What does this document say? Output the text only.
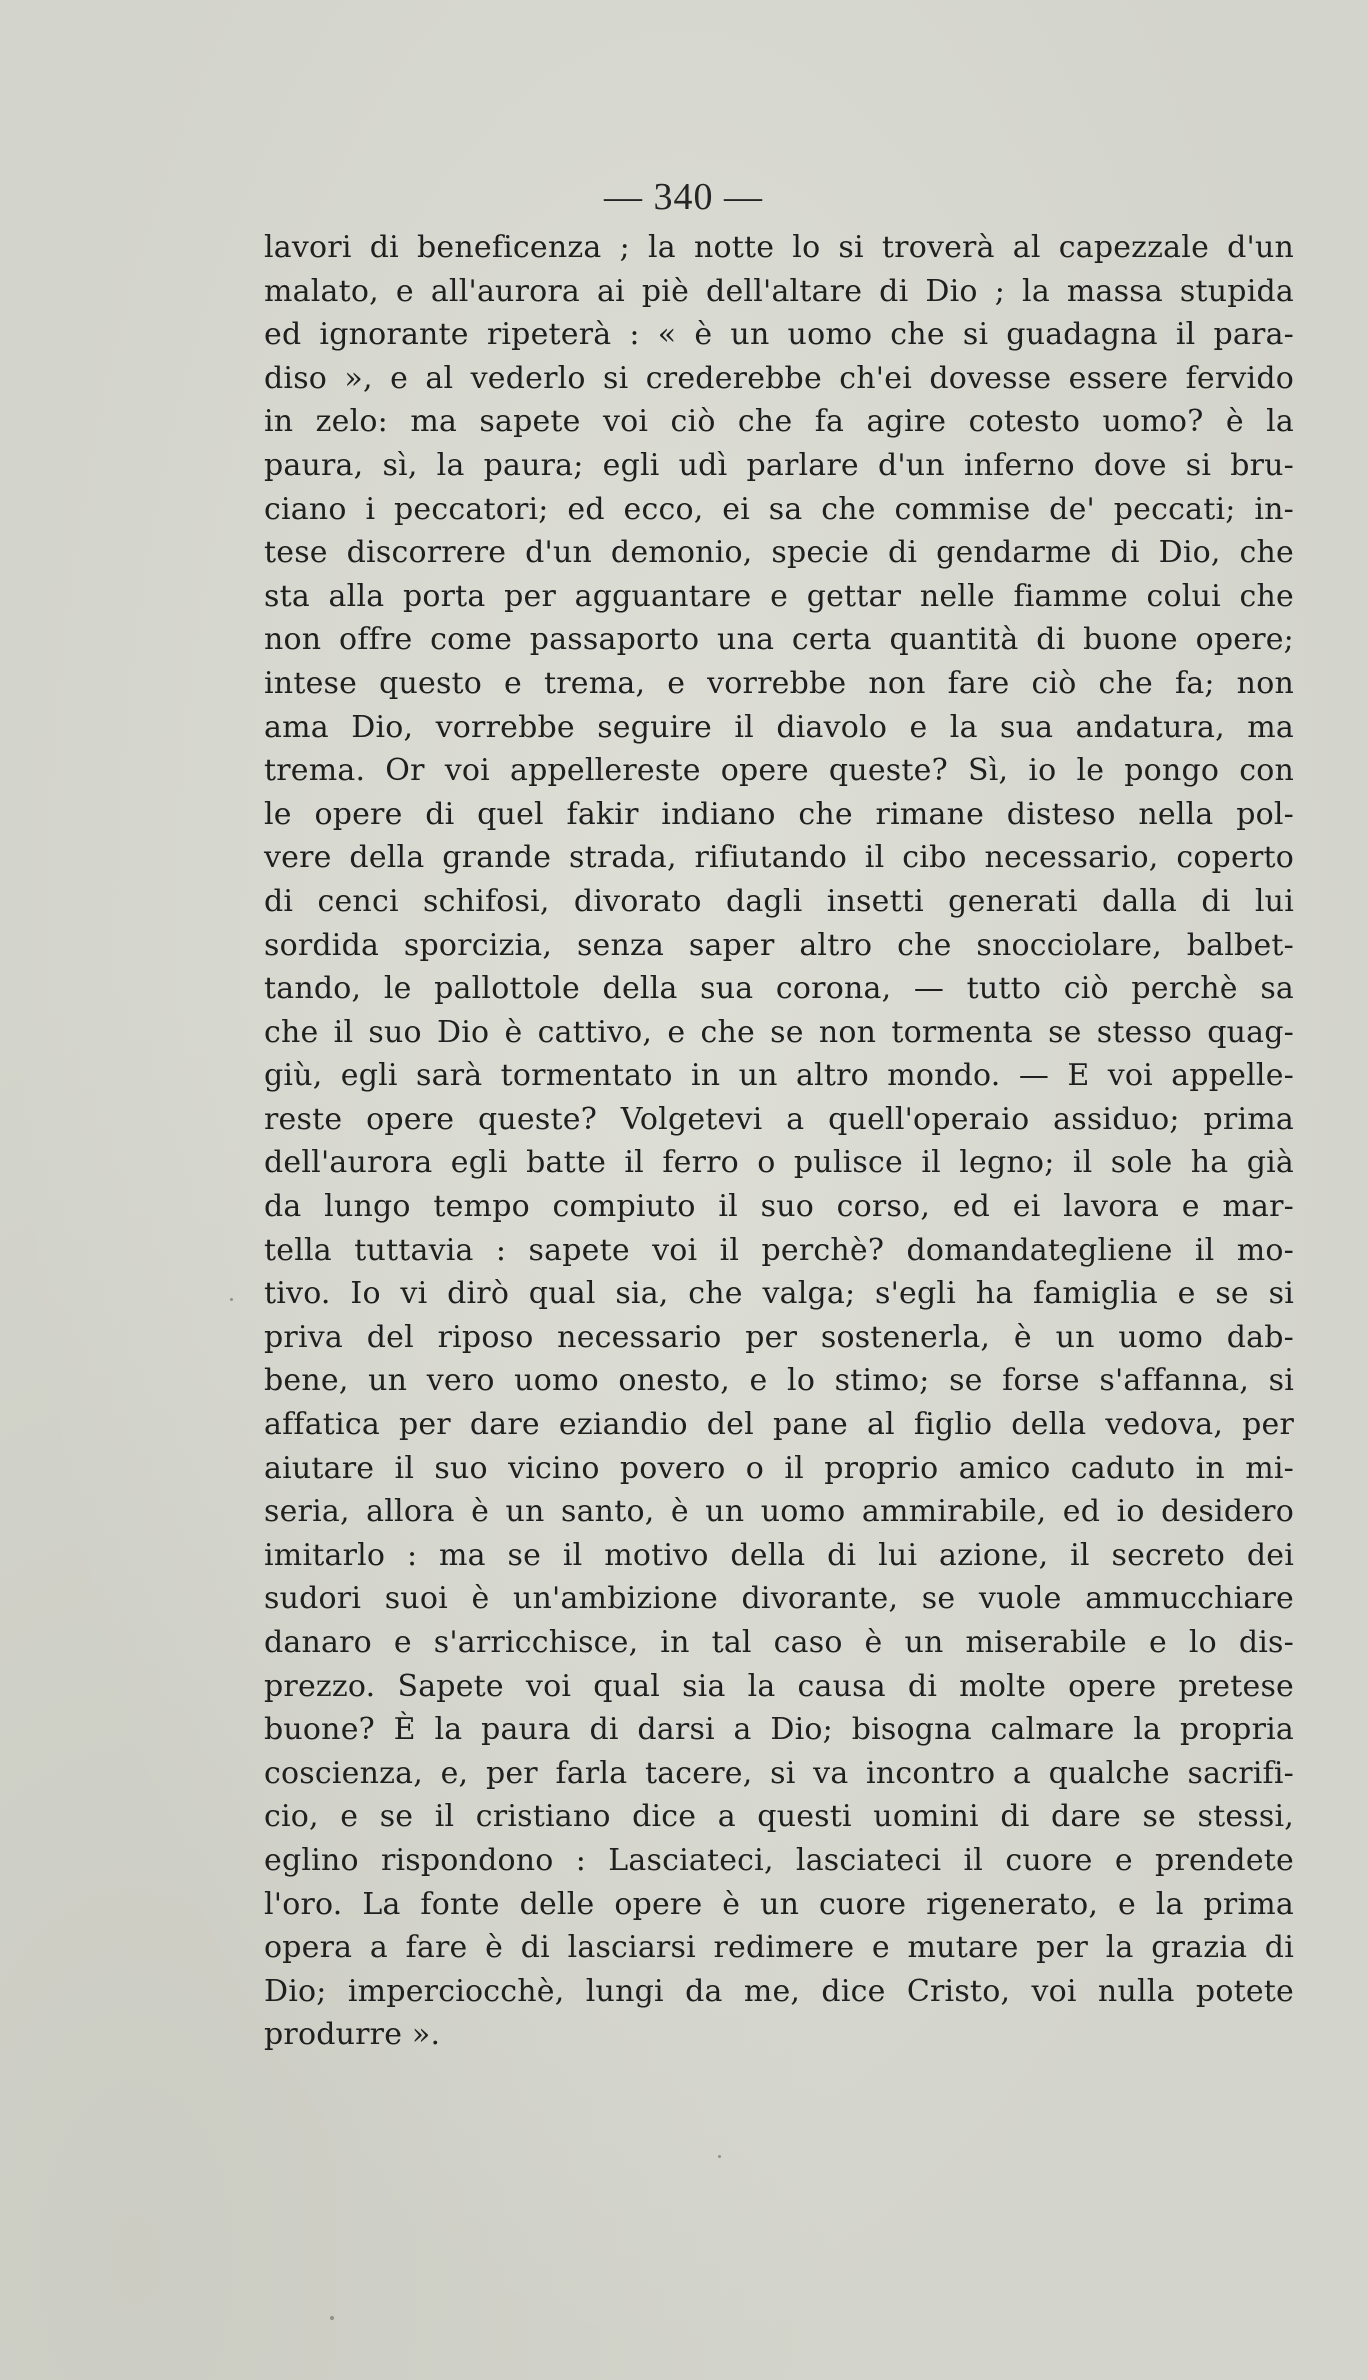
— 340 —
lavori di beneficenza ; la notte lo si troverà al capezzale d'un
malato, e all'aurora ai piè dell'altare di Dio ; la massa stupida
ed ignorante ripeterà : « è un uomo che si guadagna il para-
diso », e al vederlo si crederebbe ch'ei dovesse essere fervido
in zelo: ma sapete voi ciò che fa agire cotesto uomo? è la
paura, sì, la paura; egli udì parlare d'un inferno dove si bru-
ciano i peccatori; ed ecco, ei sa che commise de' peccati; in-
tese discorrere d'un demonio, specie di gendarme di Dio, che
sta alla porta per agguantare e gettar nelle fiamme colui che
non offre come passaporto una certa quantità di buone opere;
intese questo e trema, e vorrebbe non fare ciò che fa; non
ama Dio, vorrebbe seguire il diavolo e la sua andatura, ma
trema. Or voi appellereste opere queste? Sì, io le pongo con
le opere di quel fakir indiano che rimane disteso nella pol-
vere della grande strada, rifiutando il cibo necessario, coperto
di cenci schifosi, divorato dagli insetti generati dalla di lui
sordida sporcizia, senza saper altro che snocciolare, balbet-
tando, le pallottole della sua corona, — tutto ciò perchè sa
che il suo Dio è cattivo, e che se non tormenta se stesso quag-
giù, egli sarà tormentato in un altro mondo. — E voi appelle-
reste opere queste? Volgetevi a quell'operaio assiduo; prima
dell'aurora egli batte il ferro o pulisce il legno; il sole ha già
da lungo tempo compiuto il suo corso, ed ei lavora e mar-
tella tuttavia : sapete voi il perchè? domandategliene il mo-
tivo. Io vi dirò qual sia, che valga; s'egli ha famiglia e se si
priva del riposo necessario per sostenerla, è un uomo dab-
bene, un vero uomo onesto, e lo stimo; se forse s'affanna, si
affatica per dare eziandio del pane al figlio della vedova, per
aiutare il suo vicino povero o il proprio amico caduto in mi-
seria, allora è un santo, è un uomo ammirabile, ed io desidero
imitarlo : ma se il motivo della di lui azione, il secreto dei
sudori suoi è un'ambizione divorante, se vuole ammucchiare
danaro e s'arricchisce, in tal caso è un miserabile e lo dis-
prezzo. Sapete voi qual sia la causa di molte opere pretese
buone? È la paura di darsi a Dio; bisogna calmare la propria
coscienza, e, per farla tacere, si va incontro a qualche sacrifi-
cio, e se il cristiano dice a questi uomini di dare se stessi,
eglino rispondono : Lasciateci, lasciateci il cuore e prendete
l'oro. La fonte delle opere è un cuore rigenerato, e la prima
opera a fare è di lasciarsi redimere e mutare per la grazia di
Dio; imperciocchè, lungi da me, dice Cristo, voi nulla potete
produrre ».
